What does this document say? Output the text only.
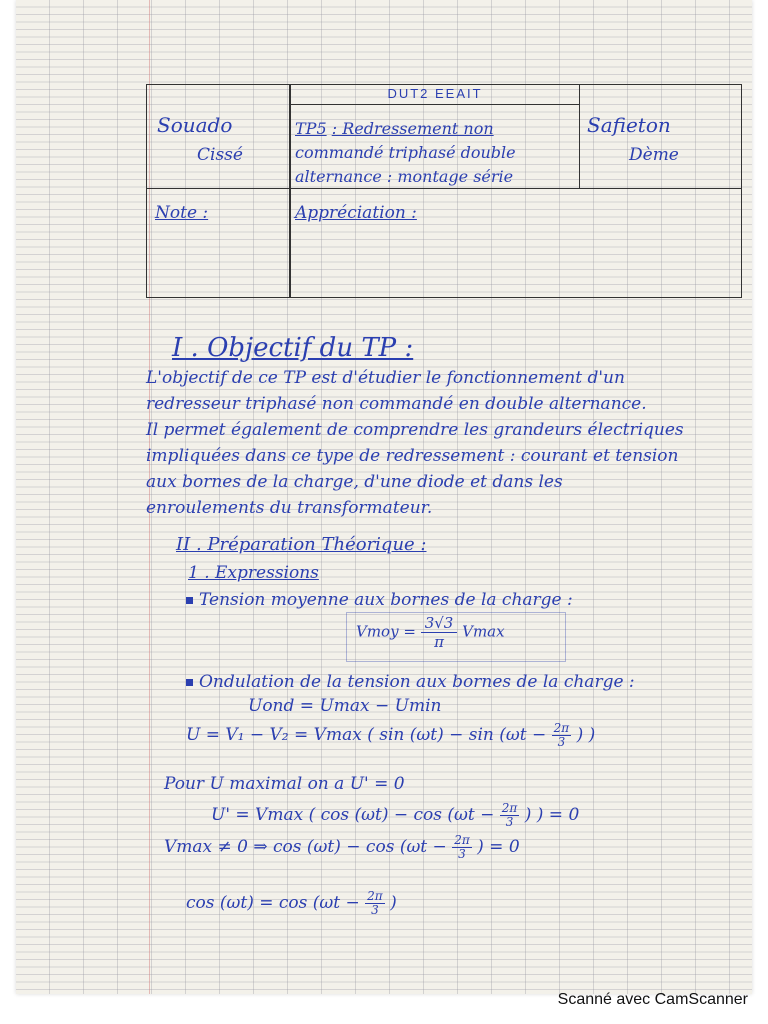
DUT2 EEAIT
Souado
Cissé
Safieton
Dème
TP5 : Redressement non
commandé triphasé double
alternance : montage série
Note :	Appréciation :
I . Objectif du TP :
L'objectif de ce TP est d'étudier le fonctionnement d'un
redresseur triphasé non commandé en double alternance.
Il permet également de comprendre les grandeurs électriques
impliquées dans ce type de redressement : courant et tension
aux bornes de la charge, d'une diode et dans les
enroulements du transformateur.
II . Préparation Théorique :
1 . Expressions
Tension moyenne aux bornes de la charge :
Vmoy = $\frac{3√3}{\pi}$ Vmax
Ondulation de la tension aux bornes de la charge :
Uond = Umax − Umin
U = V₁ − V₂ = Vmax ( $\sin (\omega t) - \sin (\omega t - \frac{2\pi}{3}$ ) )
Pour U maximal on a U' = 0
U' = Vmax ( $\cos (\omega t) - \cos (\omega t - \frac{2\pi}{3}$ ) ) = 0
Vmax ≠ 0 ⇒ $\cos (\omega t) - \cos (\omega t - \frac{2\pi}{3}$ ) = 0
$\cos (\omega t) = \cos (\omega t - \frac{2\pi}{3}$ )
Scanné avec CamScanner
